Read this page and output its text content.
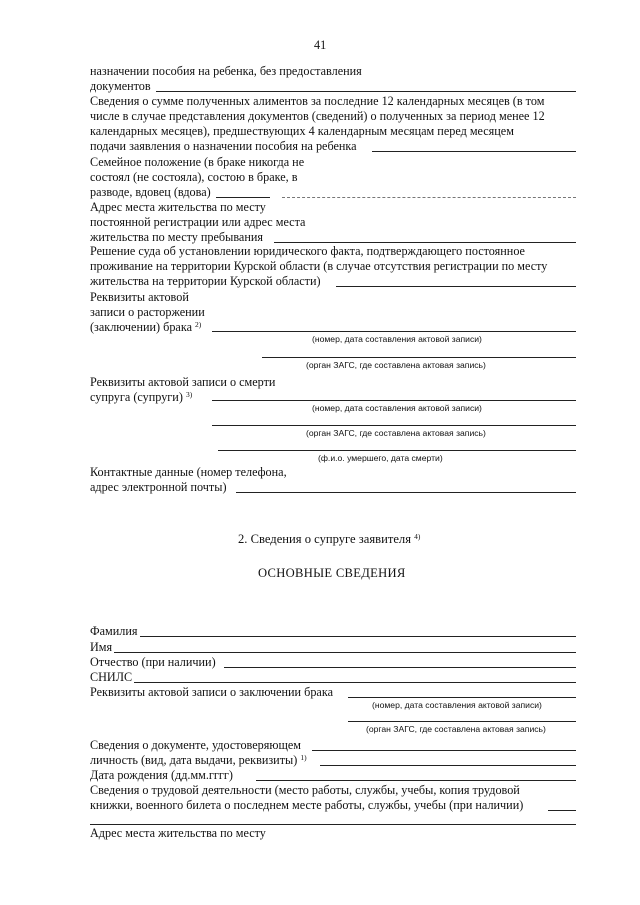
41
назначении пособия на ребенка, без предоставления
документов
Сведения о сумме полученных алиментов за последние 12 календарных месяцев (в том
числе в случае представления документов (сведений) о полученных за период менее 12
календарных месяцев), предшествующих 4 календарным месяцам перед месяцем
подачи заявления о назначении пособия на ребенка
Семейное положение (в браке никогда не
состоял (не состояла), состою в браке, в
разводе, вдовец (вдова)
Адрес места жительства по месту
постоянной регистрации или адрес места
жительства по месту пребывания
Решение суда об установлении юридического факта, подтверждающего постоянное
проживание на территории Курской области (в случае отсутствия регистрации по месту
жительства на территории Курской области)
Реквизиты актовой
записи о расторжении
(заключении) брака $^{2)}$
(номер, дата составления актовой записи)
(орган ЗАГС, где составлена актовая запись)
Реквизиты актовой записи о смерти
супруга (супруги) $^{3)}$
(номер, дата составления актовой записи)
(орган ЗАГС, где составлена актовая запись)
(ф.и.о. умершего, дата смерти)
Контактные данные (номер телефона,
адрес электронной почты)
2. Сведения о супруге заявителя $^{4)}$
ОСНОВНЫЕ СВЕДЕНИЯ
Фамилия
Имя
Отчество (при наличии)
СНИЛС
Реквизиты актовой записи о заключении брака
(номер, дата составления актовой записи)
(орган ЗАГС, где составлена актовая запись)
Сведения о документе, удостоверяющем
личность (вид, дата выдачи, реквизиты) $^{1)}$
Дата рождения (дд.мм.гггг)
Сведения о трудовой деятельности (место работы, службы, учебы, копия трудовой
книжки, военного билета о последнем месте работы, службы, учебы (при наличии)
Адрес места жительства по месту
